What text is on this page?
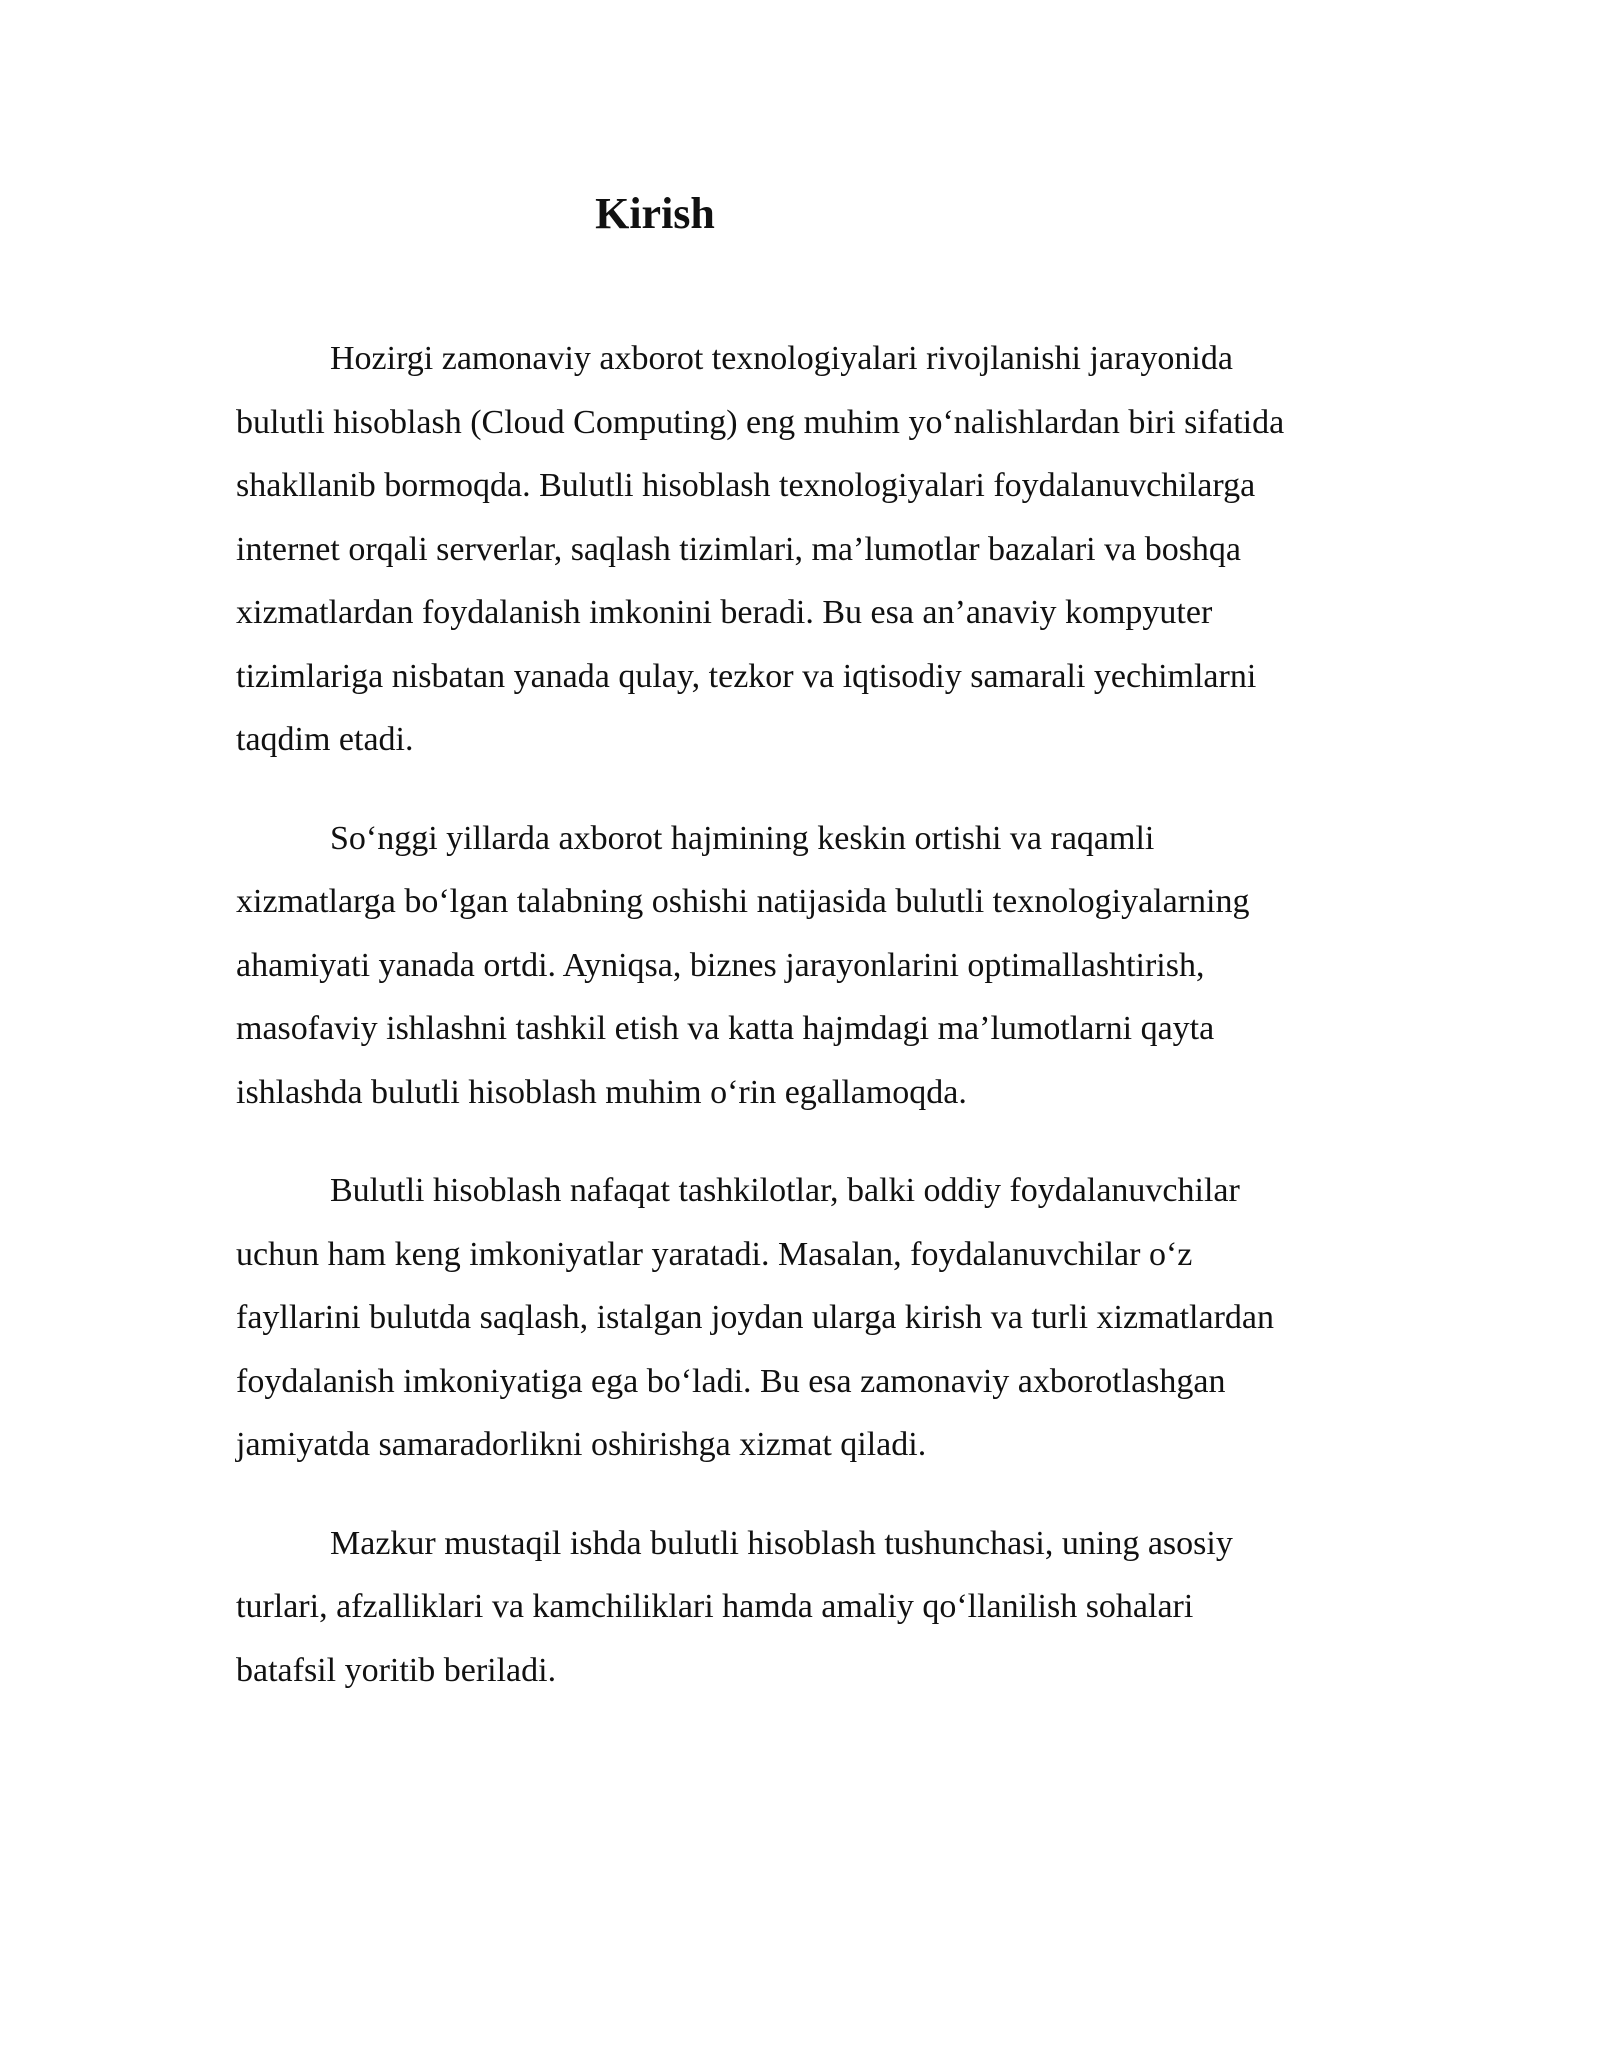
Kirish

Hozirgi zamonaviy axborot texnologiyalari rivojlanishi jarayonida
bulutli hisoblash (Cloud Computing) eng muhim yo‘nalishlardan biri sifatida
shakllanib bormoqda. Bulutli hisoblash texnologiyalari foydalanuvchilarga
internet orqali serverlar, saqlash tizimlari, ma’lumotlar bazalari va boshqa
xizmatlardan foydalanish imkonini beradi. Bu esa an’anaviy kompyuter
tizimlariga nisbatan yanada qulay, tezkor va iqtisodiy samarali yechimlarni
taqdim etadi.

So‘nggi yillarda axborot hajmining keskin ortishi va raqamli
xizmatlarga bo‘lgan talabning oshishi natijasida bulutli texnologiyalarning
ahamiyati yanada ortdi. Ayniqsa, biznes jarayonlarini optimallashtirish,
masofaviy ishlashni tashkil etish va katta hajmdagi ma’lumotlarni qayta
ishlashda bulutli hisoblash muhim o‘rin egallamoqda.

Bulutli hisoblash nafaqat tashkilotlar, balki oddiy foydalanuvchilar
uchun ham keng imkoniyatlar yaratadi. Masalan, foydalanuvchilar o‘z
fayllarini bulutda saqlash, istalgan joydan ularga kirish va turli xizmatlardan
foydalanish imkoniyatiga ega bo‘ladi. Bu esa zamonaviy axborotlashgan
jamiyatda samaradorlikni oshirishga xizmat qiladi.

Mazkur mustaqil ishda bulutli hisoblash tushunchasi, uning asosiy
turlari, afzalliklari va kamchiliklari hamda amaliy qo‘llanilish sohalari
batafsil yoritib beriladi.
